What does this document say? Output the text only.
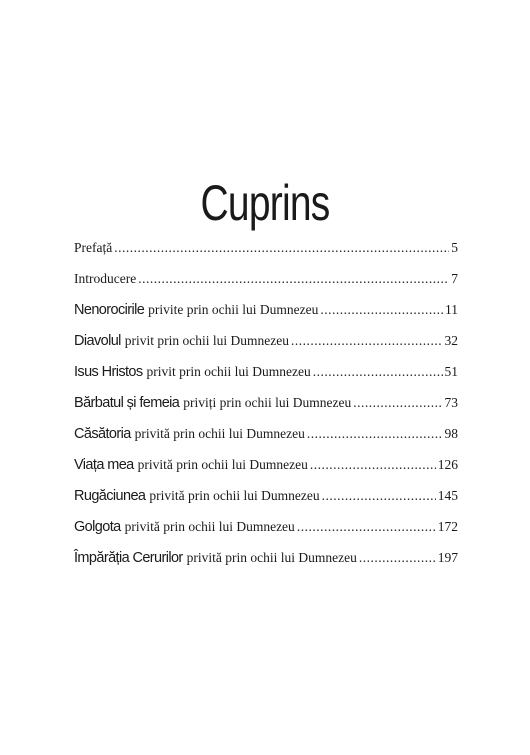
Cuprins
Prefață .....	5
Introducere .....	7
Nenorocirile privite prin ochii lui Dumnezeu .....	11
Diavolul privit prin ochii lui Dumnezeu .....	32
Isus Hristos privit prin ochii lui Dumnezeu .....	51
Bărbatul și femeia priviți prin ochii lui Dumnezeu .....	73
Căsătoria privită prin ochii lui Dumnezeu .....	98
Viața mea privită prin ochii lui Dumnezeu .....	126
Rugăciunea privită prin ochii lui Dumnezeu .....	145
Golgota privită prin ochii lui Dumnezeu .....	172
Împărăția Cerurilor privită prin ochii lui Dumnezeu .....	197
